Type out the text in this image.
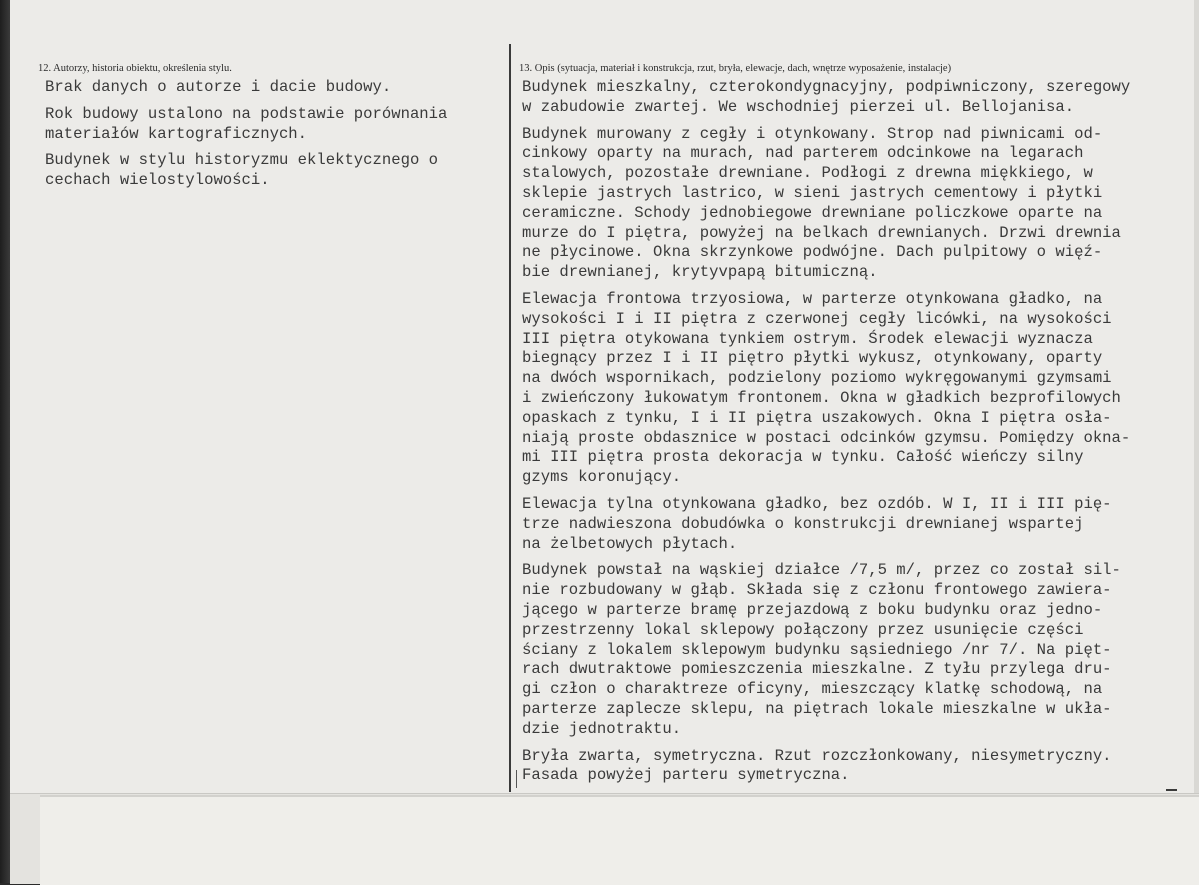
12. Autorzy, historia obiektu, określenia stylu.	13. Opis (sytuacja, materiał i konstrukcja, rzut, bryła, elewacje, dach, wnętrze wyposażenie, instalacje)
Brak danych o autorze i dacie budowy.
Rok budowy ustalono na podstawie porównania
materiałów kartograficznych.
Budynek w stylu historyzmu eklektycznego o
cechach wielostylowości.
Budynek mieszkalny, czterokondygnacyjny, podpiwniczony, szeregowy
w zabudowie zwartej. We wschodniej pierzei ul. Bellojanisa.
Budynek murowany z cegły i otynkowany. Strop nad piwnicami od-
cinkowy oparty na murach, nad parterem odcinkowe na legarach
stalowych, pozostałe drewniane. Podłogi z drewna miękkiego, w
sklepie jastrych lastrico, w sieni jastrych cementowy i płytki
ceramiczne. Schody jednobiegowe drewniane policzkowe oparte na
murze do I piętra, powyżej na belkach drewnianych. Drzwi drewnia
ne płycinowe. Okna skrzynkowe podwójne. Dach pulpitowy o więź-
bie drewnianej, krytyvpapą bitumiczną.
Elewacja frontowa trzyosiowa, w parterze otynkowana gładko, na
wysokości I i II piętra z czerwonej cegły licówki, na wysokości
III piętra otykowana tynkiem ostrym. Środek elewacji wyznacza
biegnący przez I i II piętro płytki wykusz, otynkowany, oparty
na dwóch wspornikach, podzielony poziomo wykręgowanymi gzymsami
i zwieńczony łukowatym frontonem. Okna w gładkich bezprofilowych
opaskach z tynku, I i II piętra uszakowych. Okna I piętra osła-
niają proste obdasznice w postaci odcinków gzymsu. Pomiędzy okna-
mi III piętra prosta dekoracja w tynku. Całość wieńczy silny
gzyms koronujący.
Elewacja tylna otynkowana gładko, bez ozdób. W I, II i III pię-
trze nadwieszona dobudówka o konstrukcji drewnianej wspartej
na żelbetowych płytach.
Budynek powstał na wąskiej działce /7,5 m/, przez co został sil-
nie rozbudowany w głąb. Składa się z członu frontowego zawiera-
jącego w parterze bramę przejazdową z boku budynku oraz jedno-
przestrzenny lokal sklepowy połączony przez usunięcie części
ściany z lokalem sklepowym budynku sąsiedniego /nr 7/. Na pięt-
rach dwutraktowe pomieszczenia mieszkalne. Z tyłu przylega dru-
gi człon o charaktreze oficyny, mieszczący klatkę schodową, na
parterze zaplecze sklepu, na piętrach lokale mieszkalne w ukła-
dzie jednotraktu.
Bryła zwarta, symetryczna. Rzut rozczłonkowany, niesymetryczny.
Fasada powyżej parteru symetryczna.
